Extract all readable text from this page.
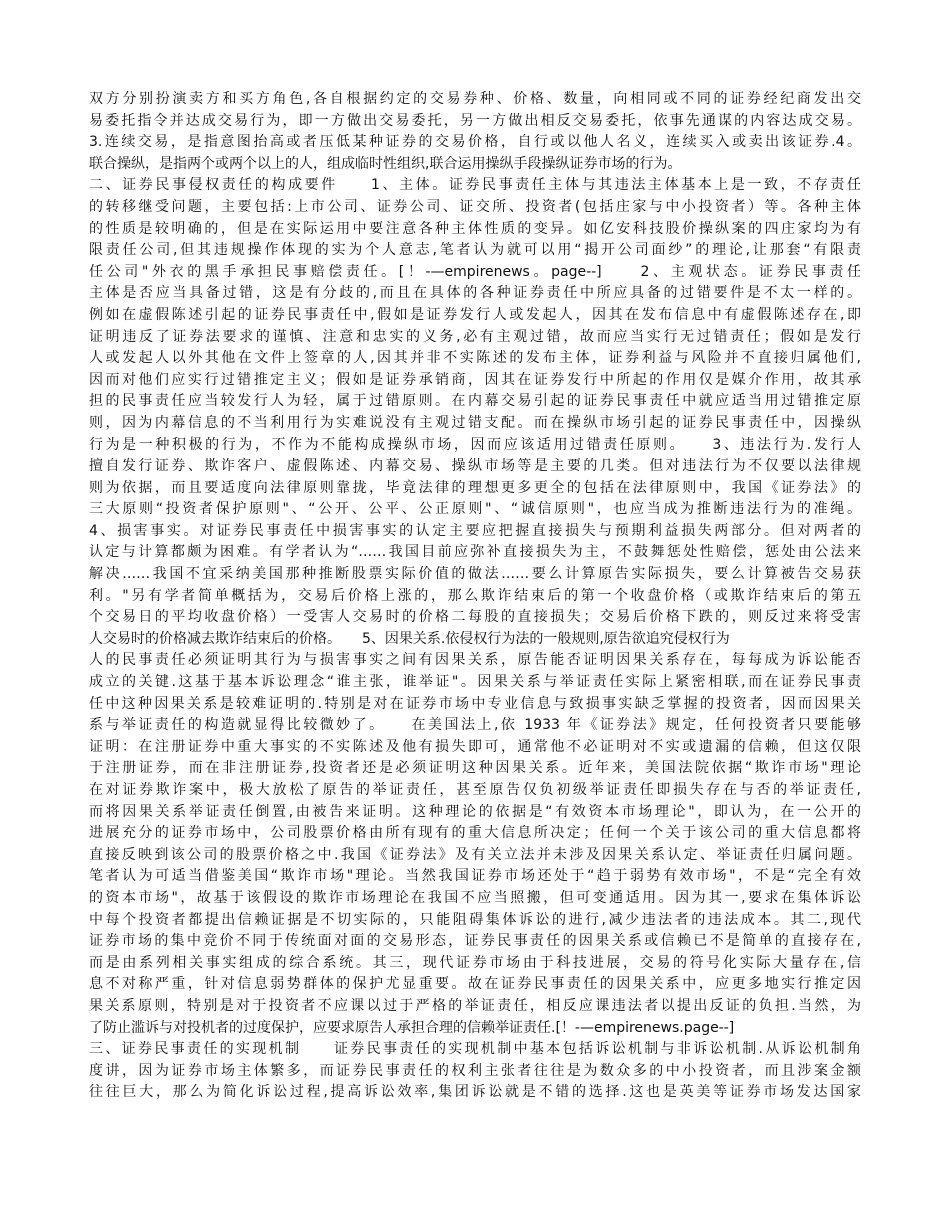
双方分别扮演卖方和买方角色,各自根据约定的交易券种、价格、数量，向相同或不同的证券经纪商发出交
易委托指令并达成交易行为，即一方做出交易委托，另一方做出相反交易委托，依事先通谋的内容达成交易。
3.连续交易，是指意图抬高或者压低某种证券的交易价格，自行或以他人名义，连续买入或卖出该证券.4。
联合操纵，是指两个或两个以上的人，组成临时性组织,联合运用操纵手段操纵证券市场的行为。
二、证券民事侵权责任的构成要件　　1、主体。证券民事责任主体与其违法主体基本上是一致，不存责任
的转移继受问题，主要包括:上市公司、证券公司、证交所、投资者(包括庄家与中小投资者）等。各种主体
的性质是较明确的，但是在实际运用中要注意各种主体性质的变异。如亿安科技股价操纵案的四庄家均为有
限责任公司,但其违规操作体现的实为个人意志,笔者认为就可以用“揭开公司面纱”的理论,让那套“有限责
任公司"外衣的黑手承担民事赔偿责任。[！-—empirenews。page--]　　2、主观状态。证券民事责任
主体是否应当具备过错，这是有分歧的,而且在具体的各种证券责任中所应具备的过错要件是不太一样的。
例如在虚假陈述引起的证券民事责任中,假如是证券发行人或发起人，因其在发布信息中有虚假陈述存在,即
证明违反了证券法要求的谨慎、注意和忠实的义务,必有主观过错，故而应当实行无过错责任；假如是发行
人或发起人以外其他在文件上签章的人,因其并非不实陈述的发布主体，证券利益与风险并不直接归属他们,
因而对他们应实行过错推定主义；假如是证券承销商，因其在证券发行中所起的作用仅是媒介作用，故其承
担的民事责任应当较发行人为轻，属于过错原则。在内幕交易引起的证券民事责任中就应适当用过错推定原
则，因为内幕信息的不当利用行为实难说没有主观过错支配。而在操纵市场引起的证券民事责任中，因操纵
行为是一种积极的行为，不作为不能构成操纵市场，因而应该适用过错责任原则。　　3、违法行为.发行人
擅自发行证券、欺诈客户、虚假陈述、内幕交易、操纵市场等是主要的几类。但对违法行为不仅要以法律规
则为依据，而且要适度向法律原则靠拢，毕竟法律的理想更多更全的包括在法律原则中，我国《证券法》的
三大原则“投资者保护原则"、“公开、公平、公正原则"、“诚信原则"，也应当成为推断违法行为的准绳。
4、损害事实。对证券民事责任中损害事实的认定主要应把握直接损失与预期利益损失两部分。但对两者的
认定与计算都颇为困难。有学者认为“……我国目前应弥补直接损失为主，不鼓舞惩处性赔偿，惩处由公法来
解决……我国不宜采纳美国那种推断股票实际价值的做法……要么计算原告实际损失，要么计算被告交易获
利。"另有学者简单概括为，交易后价格上涨的，那么欺诈结束后的第一个收盘价格（或欺诈结束后的第五
个交易日的平均收盘价格）一受害人交易时的价格二每股的直接损失；交易后价格下跌的，则反过来将受害
人交易时的价格减去欺诈结束后的价格。　　5、因果关系.依侵权行为法的一般规则,原告欲追究侵权行为
人的民事责任必须证明其行为与损害事实之间有因果关系，原告能否证明因果关系存在，每每成为诉讼能否
成立的关键.这基于基本诉讼理念“谁主张，谁举证"。因果关系与举证责任实际上紧密相联,而在证券民事责
任中这种因果关系是较难证明的.特别是对在证券市场中专业信息与致损事实缺乏掌握的投资者，因而因果关
系与举证责任的构造就显得比较微妙了。　　在美国法上,依 1933 年《证券法》规定，任何投资者只要能够
证明：在注册证券中重大事实的不实陈述及他有损失即可，通常他不必证明对不实或遗漏的信赖，但这仅限
于注册证券，而在非注册证券,投资者还是必须证明这种因果关系。近年来，美国法院依据“欺诈市场"理论
在对证券欺诈案中，极大放松了原告的举证责任，甚至原告仅负初级举证责任即损失存在与否的举证责任,
而将因果关系举证责任倒置,由被告来证明。这种理论的依据是“有效资本市场理论"，即认为，在一公开的
进展充分的证券市场中，公司股票价格由所有现有的重大信息所决定；任何一个关于该公司的重大信息都将
直接反映到该公司的股票价格之中.我国《证券法》及有关立法并未涉及因果关系认定、举证责任归属问题。
笔者认为可适当借鉴美国“欺诈市场"理论。当然我国证券市场还处于“趋于弱势有效市场"，不是“完全有效
的资本市场"，故基于该假设的欺诈市场理论在我国不应当照搬，但可变通适用。因为其一,要求在集体诉讼
中每个投资者都提出信赖证据是不切实际的，只能阻碍集体诉讼的进行,减少违法者的违法成本。其二,现代
证券市场的集中竞价不同于传统面对面的交易形态，证券民事责任的因果关系或信赖已不是简单的直接存在,
而是由系列相关事实组成的综合系统。其三，现代证券市场由于科技进展，交易的符号化实际大量存在,信
息不对称严重，针对信息弱势群体的保护尤显重要。故在证券民事责任的因果关系中，应更多地实行推定因
果关系原则，特别是对于投资者不应课以过于严格的举证责任，相反应课违法者以提出反证的负担.当然，为
了防止滥诉与对投机者的过度保护，应要求原告人承担合理的信赖举证责任.[！-—empirenews.page--]
三、证券民事责任的实现机制　　证券民事责任的实现机制中基本包括诉讼机制与非诉讼机制.从诉讼机制角
度讲，因为证券市场主体繁多，而证券民事责任的权利主张者往往是为数众多的中小投资者，而且涉案金额
往往巨大，那么为简化诉讼过程,提高诉讼效率,集团诉讼就是不错的选择.这也是英美等证券市场发达国家
